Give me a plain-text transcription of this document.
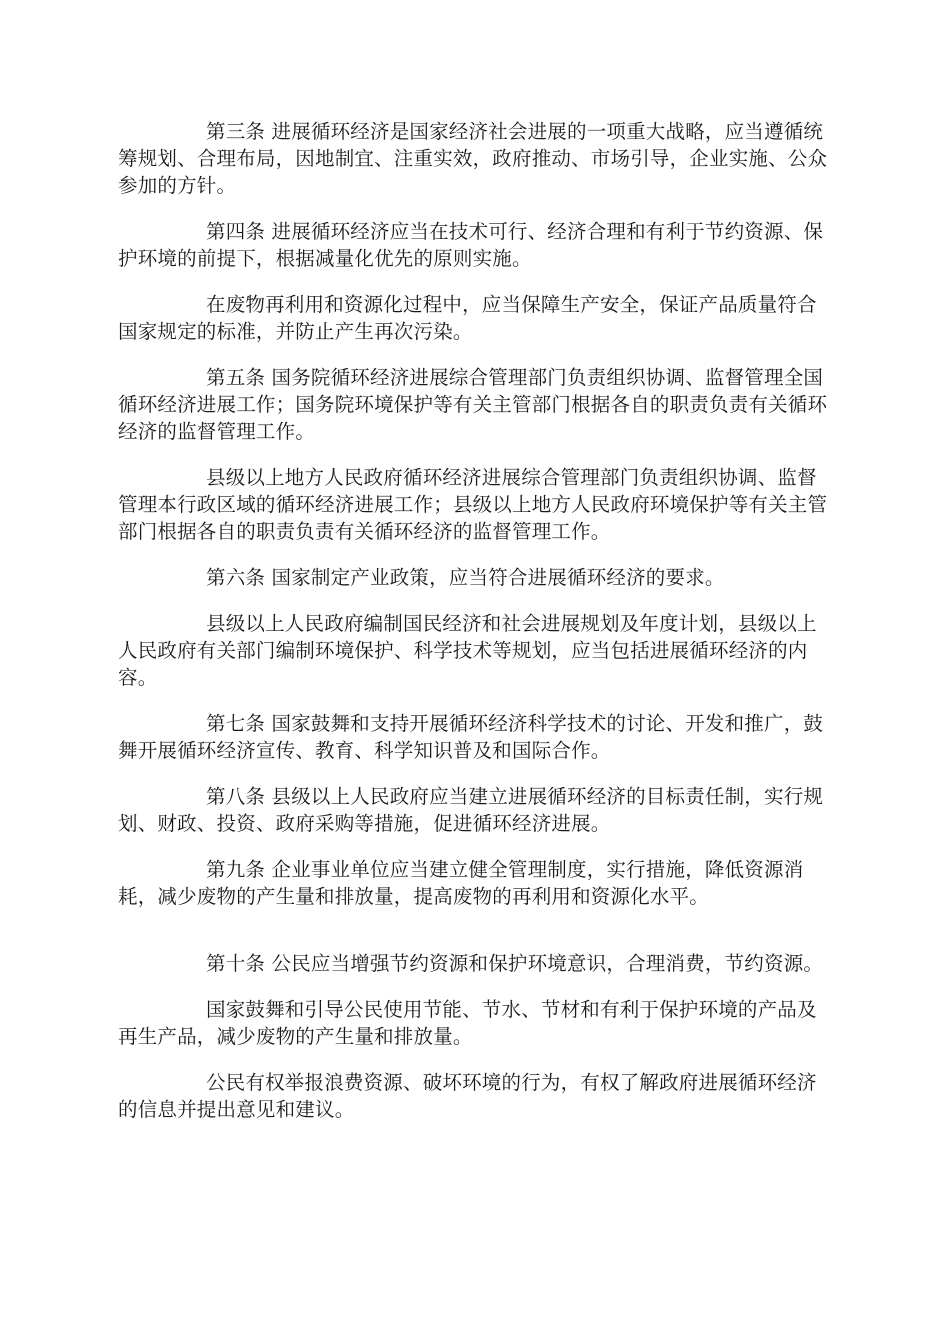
第三条 进展循环经济是国家经济社会进展的一项重大战略，应当遵循统筹规划、合理布局，因地制宜、注重实效，政府推动、市场引导，企业实施、公众参加的方针。

第四条 进展循环经济应当在技术可行、经济合理和有利于节约资源、保护环境的前提下，根据减量化优先的原则实施。

在废物再利用和资源化过程中，应当保障生产安全，保证产品质量符合国家规定的标准，并防止产生再次污染。

第五条 国务院循环经济进展综合管理部门负责组织协调、监督管理全国循环经济进展工作；国务院环境保护等有关主管部门根据各自的职责负责有关循环经济的监督管理工作。

县级以上地方人民政府循环经济进展综合管理部门负责组织协调、监督管理本行政区域的循环经济进展工作；县级以上地方人民政府环境保护等有关主管部门根据各自的职责负责有关循环经济的监督管理工作。

第六条 国家制定产业政策，应当符合进展循环经济的要求。

县级以上人民政府编制国民经济和社会进展规划及年度计划，县级以上人民政府有关部门编制环境保护、科学技术等规划，应当包括进展循环经济的内容。

第七条 国家鼓舞和支持开展循环经济科学技术的讨论、开发和推广，鼓舞开展循环经济宣传、教育、科学知识普及和国际合作。

第八条 县级以上人民政府应当建立进展循环经济的目标责任制，实行规划、财政、投资、政府采购等措施，促进循环经济进展。

第九条 企业事业单位应当建立健全管理制度，实行措施，降低资源消耗，减少废物的产生量和排放量，提高废物的再利用和资源化水平。

第十条 公民应当增强节约资源和保护环境意识，合理消费，节约资源。

国家鼓舞和引导公民使用节能、节水、节材和有利于保护环境的产品及再生产品，减少废物的产生量和排放量。

公民有权举报浪费资源、破坏环境的行为，有权了解政府进展循环经济的信息并提出意见和建议。
